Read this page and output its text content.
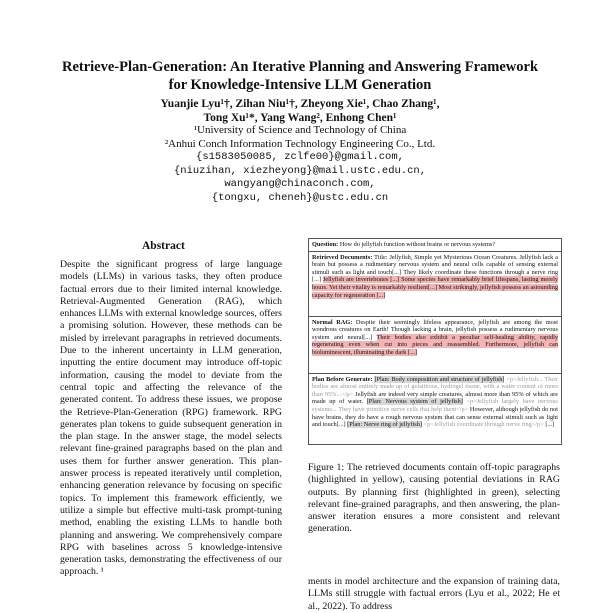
Retrieve-Plan-Generation: An Iterative Planning and Answering Framework for Knowledge-Intensive LLM Generation
Yuanjie Lyu¹†, Zihan Niu¹†, Zheyong Xie¹, Chao Zhang¹,
Tong Xu¹*, Yang Wang², Enhong Chen¹
¹University of Science and Technology of China
²Anhui Conch Information Technology Engineering Co., Ltd.
{s1583050085, zclfe00}@gmail.com,
{niuzihan, xiezheyong}@mail.ustc.edu.cn,
wangyang@chinaconch.com,
{tongxu, cheneh}@ustc.edu.cn
Abstract
Despite the significant progress of large language models (LLMs) in various tasks, they often produce factual errors due to their limited internal knowledge. Retrieval-Augmented Generation (RAG), which enhances LLMs with external knowledge sources, offers a promising solution. However, these methods can be misled by irrelevant paragraphs in retrieved documents. Due to the inherent uncertainty in LLM generation, inputting the entire document may introduce off-topic information, causing the model to deviate from the central topic and affecting the relevance of the generated content. To address these issues, we propose the Retrieve-Plan-Generation (RPG) framework. RPG generates plan tokens to guide subsequent generation in the plan stage. In the answer stage, the model selects relevant fine-grained paragraphs based on the plan and uses them for further answer generation. This plan-answer process is repeated iteratively until completion, enhancing generation relevance by focusing on specific topics. To implement this framework efficiently, we utilize a simple but effective multi-task prompt-tuning method, enabling the existing LLMs to handle both planning and answering. We comprehensively compare RPG with baselines across 5 knowledge-intensive generation tasks, demonstrating the effectiveness of our approach. ¹
Question: How do jellyfish function without brains or nervous systems?
Retrieved Documents: Title: Jellyfish, Simple yet Mysterious Ocean Creatures. Jellyfish lack a brain but possess a rudimentary nervous system and neural cells capable of sensing external stimuli such as light and touch[...] They likely coordinate these functions through a nerve ring [...] Jellyfish are invertebrates [...] Some species have remarkably brief lifespans, lasting merely hours. Yet their vitality is remarkably resilient[...] Most strikingly, jellyfish possess an astounding capacity for regeneration [...]
Normal RAG: Despite their seemingly lifeless appearance, jellyfish are among the most wondrous creatures on Earth! Though lacking a brain, jellyfish possess a rudimentary nervous system and neural[...] Their bodies also exhibit a peculiar self-healing ability, rapidly regenerating even when cut into pieces and reassembled. Furthermore, jellyfish can bioluminescent, illuminating the dark [...]
Plan Before Generate: [Plan: Body composition and structure of jellyfish] <p>Jellyfish... Their bodies are almost entirely made up of gelatinous, hydrogel tissue, with a water content of more than 95%...</p> Jellyfish are indeed very simple creatures, almost more than 95% of which are made up of water. [Plan: Nervous system of jellyfish] <p>Jellyfish largely have nervous systems... They have primitive nerve cells that help them</p> However, although jellyfish do not have brains, they do have a rough nervous system that can sense external stimuli such as light and touch[...] [Plan: Nerve ring of jellyfish] <p>Jellyfish coordinate through nerve ring</p> [...]
Figure 1: The retrieved documents contain off-topic paragraphs (highlighted in yellow), causing potential deviations in RAG outputs. By planning first (highlighted in green), selecting relevant fine-grained paragraphs, and then answering, the plan-answer iteration ensures a more consistent and relevant generation.
ments in model architecture and the expansion of training data, LLMs still struggle with factual errors (Lyu et al., 2022; He et al., 2022). To address
